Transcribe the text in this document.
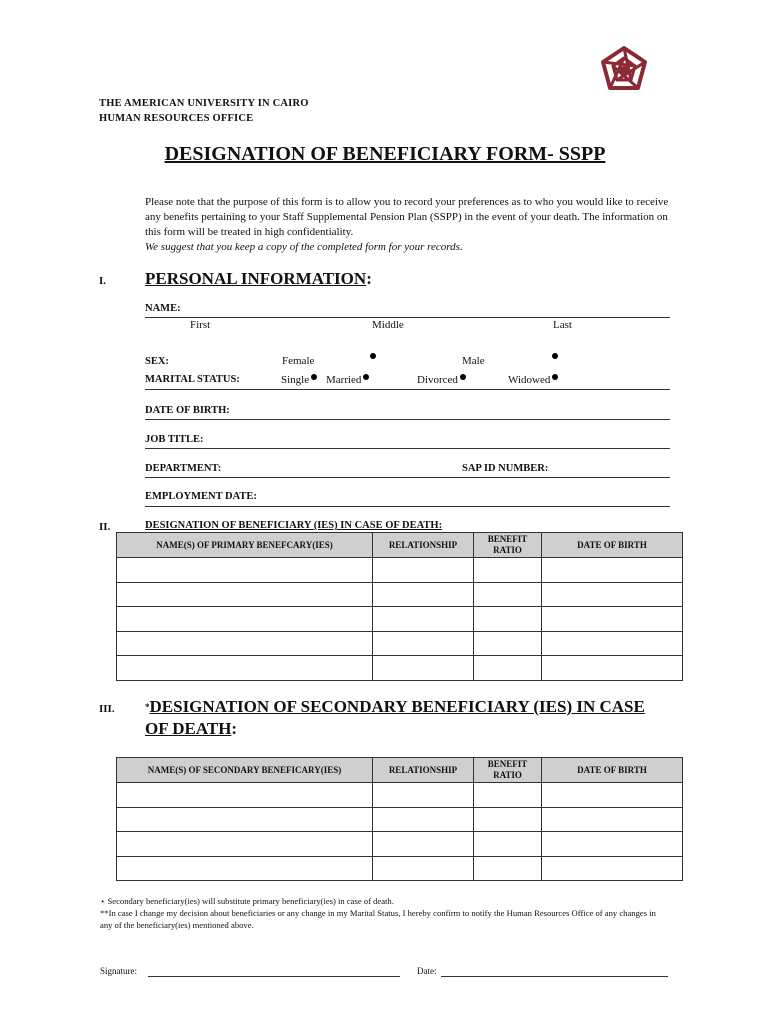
THE AMERICAN UNIVERSITY IN CAIRO
HUMAN RESOURCES OFFICE
DESIGNATION OF BENEFICIARY FORM- SSPP
Please note that the purpose of this form is to allow you to record your preferences as to who you would like to receive any benefits pertaining to your Staff Supplemental Pension Plan (SSPP) in the event of your death. The information on this form will be treated in high confidentiality.
We suggest that you keep a copy of the completed form for your records.
I. PERSONAL INFORMATION:
NAME:
First	Middle	Last
SEX:	Female	Male
MARITAL STATUS:	Single	Married	Divorced	Widowed
DATE OF BIRTH:
JOB TITLE:
DEPARTMENT:	SAP ID NUMBER:
EMPLOYMENT DATE:
II.	DESIGNATION OF BENEFICIARY (IES) IN CASE OF DEATH:
NAME(S) OF PRIMARY BENEFCARY(IES)	RELATIONSHIP	BENEFIT RATIO	DATE OF BIRTH

III.	*DESIGNATION OF SECONDARY BENEFICIARY (IES) IN CASE
OF DEATH:
NAME(S) OF SECONDARY BENEFICARY(IES)	RELATIONSHIP	BENEFIT RATIO	DATE OF BIRTH

⋆ Secondary beneficiary(ies) will substitute primary beneficiary(ies) in case of death.
**In case I change my decision about beneficiaries or any change in my Marital Status, I hereby confirm to notify the Human Resources Office of any changes in any of the beneficiary(ies) mentioned above.
Signature:	Date:
